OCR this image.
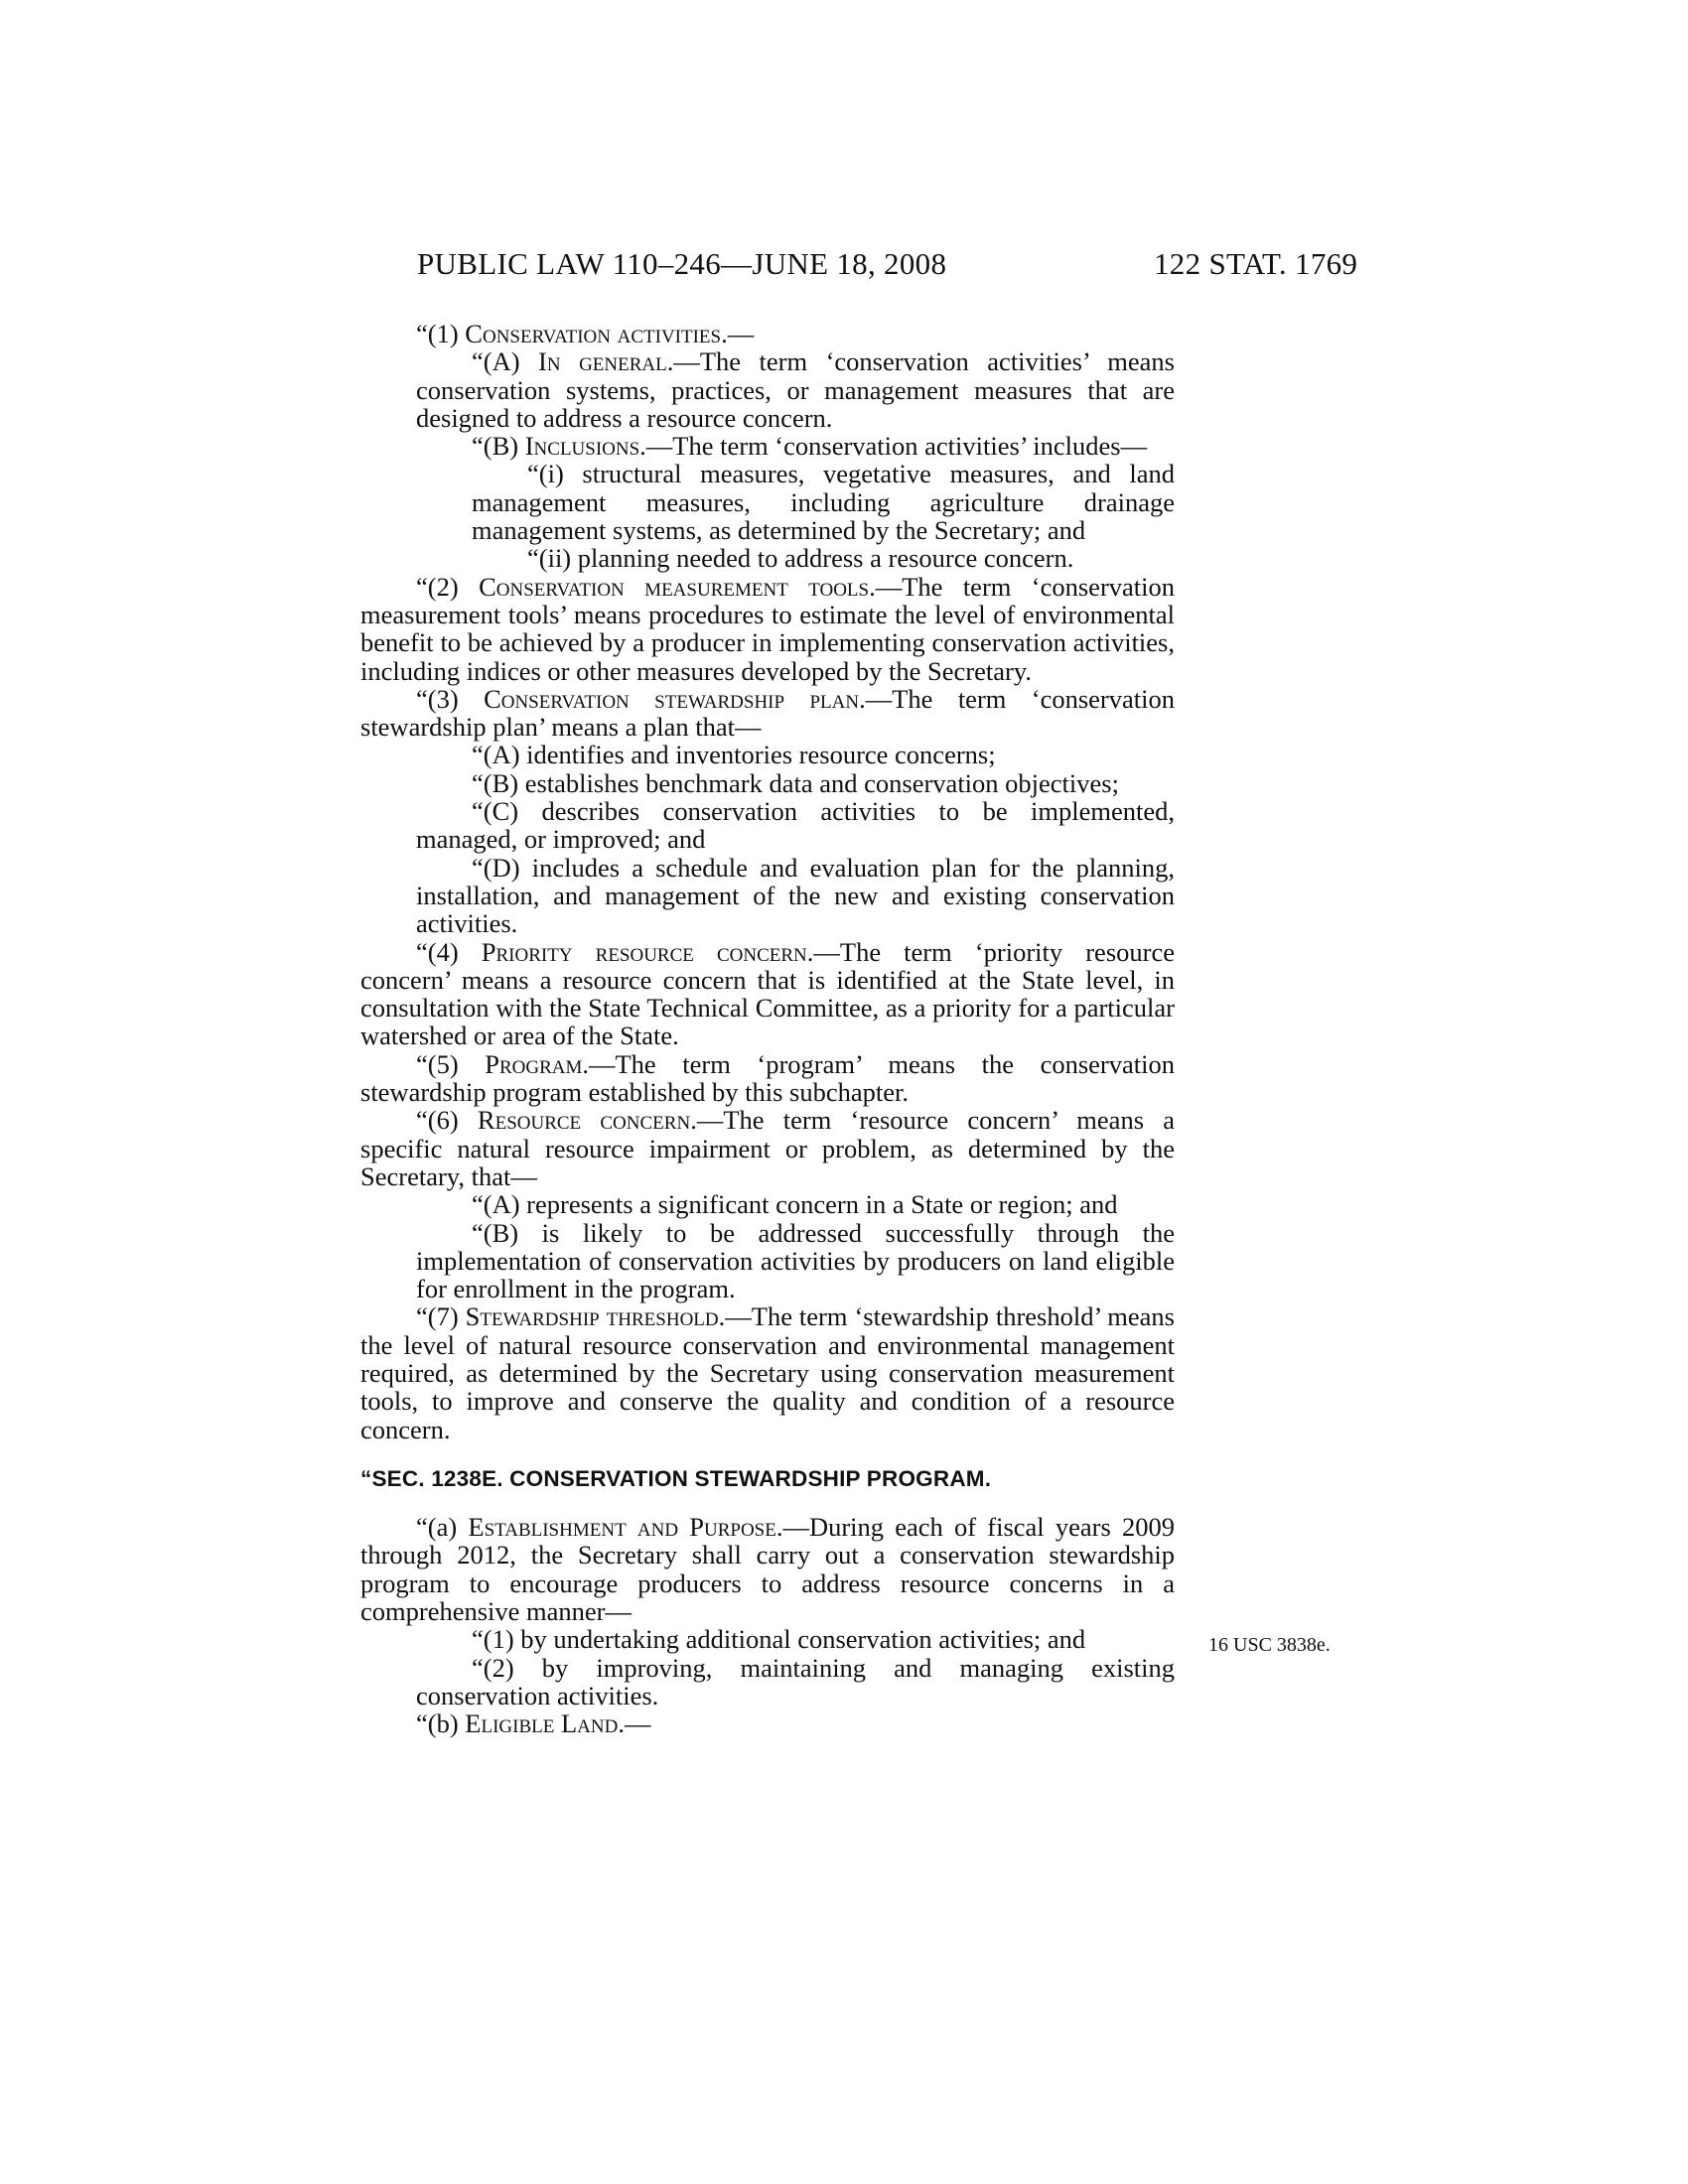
PUBLIC LAW 110–246—JUNE 18, 2008	122 STAT. 1769

“(1) Conservation activities.—

“(A) In general.—The term ‘conservation activities’ means conservation systems, practices, or management measures that are designed to address a resource concern.

“(B) Inclusions.—The term ‘conservation activities’ includes—

“(i) structural measures, vegetative measures, and land management measures, including agriculture drainage management systems, as determined by the Secretary; and

“(ii) planning needed to address a resource concern.

“(2) Conservation measurement tools.—The term ‘conservation measurement tools’ means procedures to estimate the level of environmental benefit to be achieved by a producer in implementing conservation activities, including indices or other measures developed by the Secretary.

“(3) Conservation stewardship plan.—The term ‘conservation stewardship plan’ means a plan that—

“(A) identifies and inventories resource concerns;

“(B) establishes benchmark data and conservation objectives;

“(C) describes conservation activities to be implemented, managed, or improved; and

“(D) includes a schedule and evaluation plan for the planning, installation, and management of the new and existing conservation activities.

“(4) Priority resource concern.—The term ‘priority resource concern’ means a resource concern that is identified at the State level, in consultation with the State Technical Committee, as a priority for a particular watershed or area of the State.

“(5) Program.—The term ‘program’ means the conservation stewardship program established by this subchapter.

“(6) Resource concern.—The term ‘resource concern’ means a specific natural resource impairment or problem, as determined by the Secretary, that—

“(A) represents a significant concern in a State or region; and

“(B) is likely to be addressed successfully through the implementation of conservation activities by producers on land eligible for enrollment in the program.

“(7) Stewardship threshold.—The term ‘stewardship threshold’ means the level of natural resource conservation and environmental management required, as determined by the Secretary using conservation measurement tools, to improve and conserve the quality and condition of a resource concern.

“SEC. 1238E. CONSERVATION STEWARDSHIP PROGRAM.

“(a) Establishment and Purpose.—During each of fiscal years 2009 through 2012, the Secretary shall carry out a conservation stewardship program to encourage producers to address resource concerns in a comprehensive manner—

“(1) by undertaking additional conservation activities; and

“(2) by improving, maintaining and managing existing conservation activities.

“(b) Eligible Land.—

16 USC 3838e.
